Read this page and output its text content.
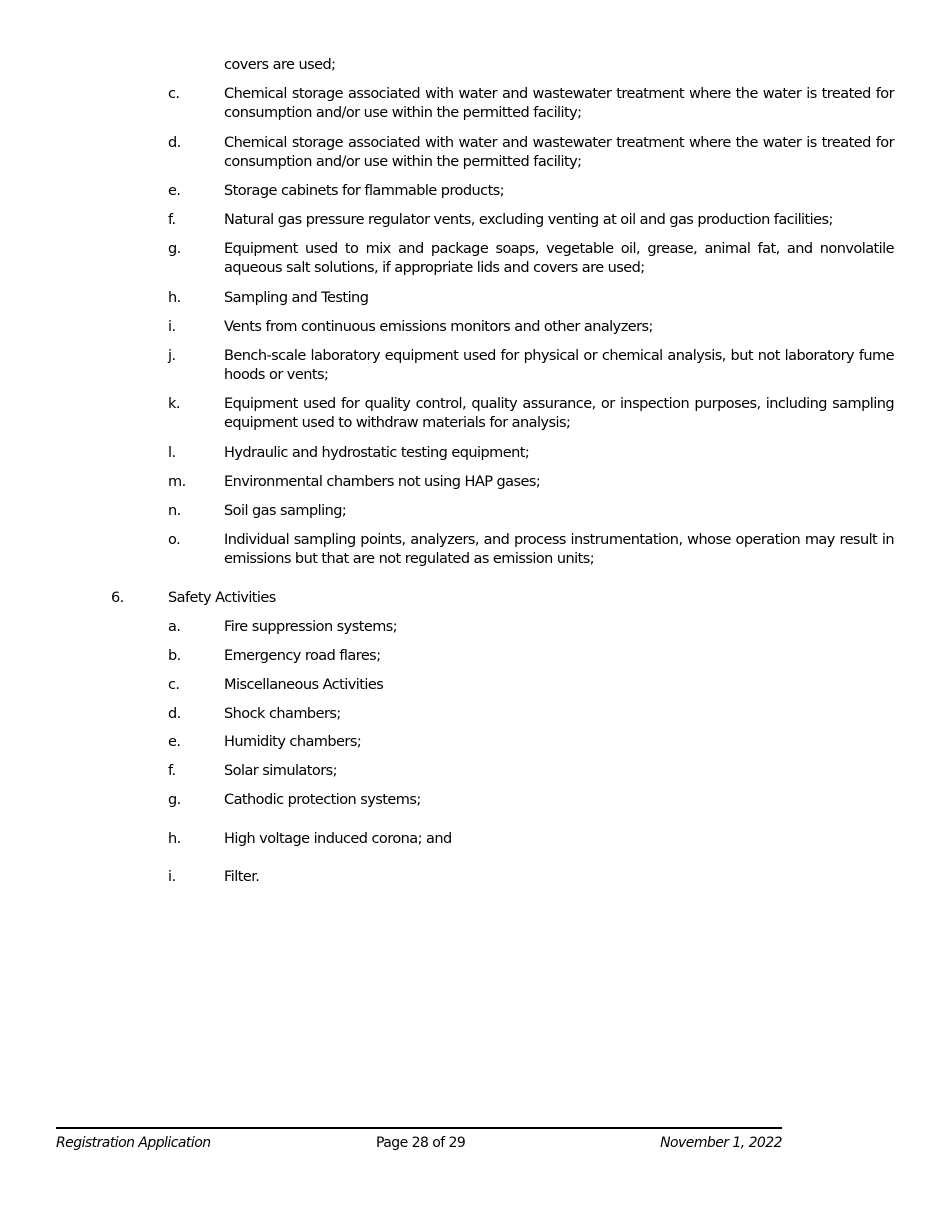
covers are used;
c.	Chemical storage associated with water and wastewater treatment where the water is treated for consumption and/or use within the permitted facility;
d.	Chemical storage associated with water and wastewater treatment where the water is treated for consumption and/or use within the permitted facility;
e.	Storage cabinets for flammable products;
f.	Natural gas pressure regulator vents, excluding venting at oil and gas production facilities;
g.	Equipment used to mix and package soaps, vegetable oil, grease, animal fat, and nonvolatile aqueous salt solutions, if appropriate lids and covers are used;
h.	Sampling and Testing
i.	Vents from continuous emissions monitors and other analyzers;
j.	Bench-scale laboratory equipment used for physical or chemical analysis, but not laboratory fume hoods or vents;
k.	Equipment used for quality control, quality assurance, or inspection purposes, including sampling equipment used to withdraw materials for analysis;
l.	Hydraulic and hydrostatic testing equipment;
m.	Environmental chambers not using HAP gases;
n.	Soil gas sampling;
o.	Individual sampling points, analyzers, and process instrumentation, whose operation may result in emissions but that are not regulated as emission units;
6.	Safety Activities
a.	Fire suppression systems;
b.	Emergency road flares;
c.	Miscellaneous Activities
d.	Shock chambers;
e.	Humidity chambers;
f.	Solar simulators;
g.	Cathodic protection systems;
h.	High voltage induced corona; and
i.	Filter.
Registration Application	Page 28 of 29	November 1, 2022
